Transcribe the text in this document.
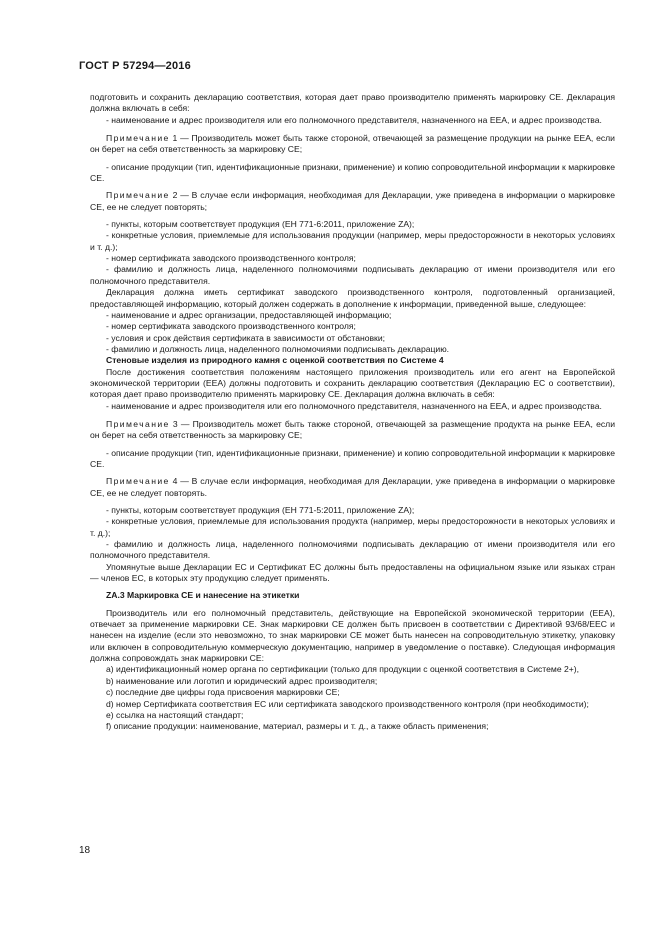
ГОСТ Р 57294—2016

подготовить и сохранить декларацию соответствия, которая дает право производителю применять маркировку CE. Декларация должна включать в себя:

- наименование и адрес производителя или его полномочного представителя, назначенного на ЕЕА, и адрес производства.

Примечание 1 — Производитель может быть также стороной, отвечающей за размещение продукции на рынке ЕЕА, если он берет на себя ответственность за маркировку CE;

- описание продукции (тип, идентификационные признаки, применение) и копию сопроводительной информации к маркировке CE.

Примечание 2 — В случае если информация, необходимая для Декларации, уже приведена в информации о маркировке CE, ее не следует повторять;

- пункты, которым соответствует продукция (ЕН 771-6:2011, приложение ZA);

- конкретные условия, приемлемые для использования продукции (например, меры предосторожности в некоторых условиях и т. д.);

- номер сертификата заводского производственного контроля;

- фамилию и должность лица, наделенного полномочиями подписывать декларацию от имени производителя или его полномочного представителя.

Декларация должна иметь сертификат заводского производственного контроля, подготовленный организацией, предоставляющей информацию, который должен содержать в дополнение к информации, приведенной выше, следующее:

- наименование и адрес организации, предоставляющей информацию;

- номер сертификата заводского производственного контроля;

- условия и срок действия сертификата в зависимости от обстановки;

- фамилию и должность лица, наделенного полномочиями подписывать декларацию.

Стеновые изделия из природного камня с оценкой соответствия по Системе 4

После достижения соответствия положениям настоящего приложения производитель или его агент на Европейской экономической территории (ЕЕА) должны подготовить и сохранить декларацию соответствия (Декларацию ЕС о соответствии), которая дает право производителю применять маркировку CE. Декларация должна включать в себя:

- наименование и адрес производителя или его полномочного представителя, назначенного на ЕЕА, и адрес производства.

Примечание 3 — Производитель может быть также стороной, отвечающей за размещение продукта на рынке ЕЕА, если он берет на себя ответственность за маркировку CE;

- описание продукции (тип, идентификационные признаки, применение) и копию сопроводительной информации к маркировке CE.

Примечание 4 — В случае если информация, необходимая для Декларации, уже приведена в информации о маркировке CE, ее не следует повторять.

- пункты, которым соответствует продукция (ЕН 771-5:2011, приложение ZA);

- конкретные условия, приемлемые для использования продукта (например, меры предосторожности в некоторых условиях и т. д.);

- фамилию и должность лица, наделенного полномочиями подписывать декларацию от имени производителя или его полномочного представителя.

Упомянутые выше Декларации ЕС и Сертификат ЕС должны быть предоставлены на официальном языке или языках стран — членов ЕС, в которых эту продукцию следует применять.

ZA.3 Маркировка CE и нанесение на этикетки

Производитель или его полномочный представитель, действующие на Европейской экономической территории (ЕЕА), отвечает за применение маркировки CE. Знак маркировки CE должен быть присвоен в соответствии с Директивой 93/68/ЕЕС и нанесен на изделие (если это невозможно, то знак маркировки CE может быть нанесен на сопроводительную этикетку, упаковку или включен в сопроводительную коммерческую документацию, например в уведомление о поставке). Следующая информация должна сопровождать знак маркировки CE:

a) идентификационный номер органа по сертификации (только для продукции с оценкой соответствия в Системе 2+),

b) наименование или логотип и юридический адрес производителя;

c) последние две цифры года присвоения маркировки CE;

d) номер Сертификата соответствия ЕС или сертификата заводского производственного контроля (при необходимости);

e) ссылка на настоящий стандарт;

f) описание продукции: наименование, материал, размеры и т. д., а также область применения;

18
